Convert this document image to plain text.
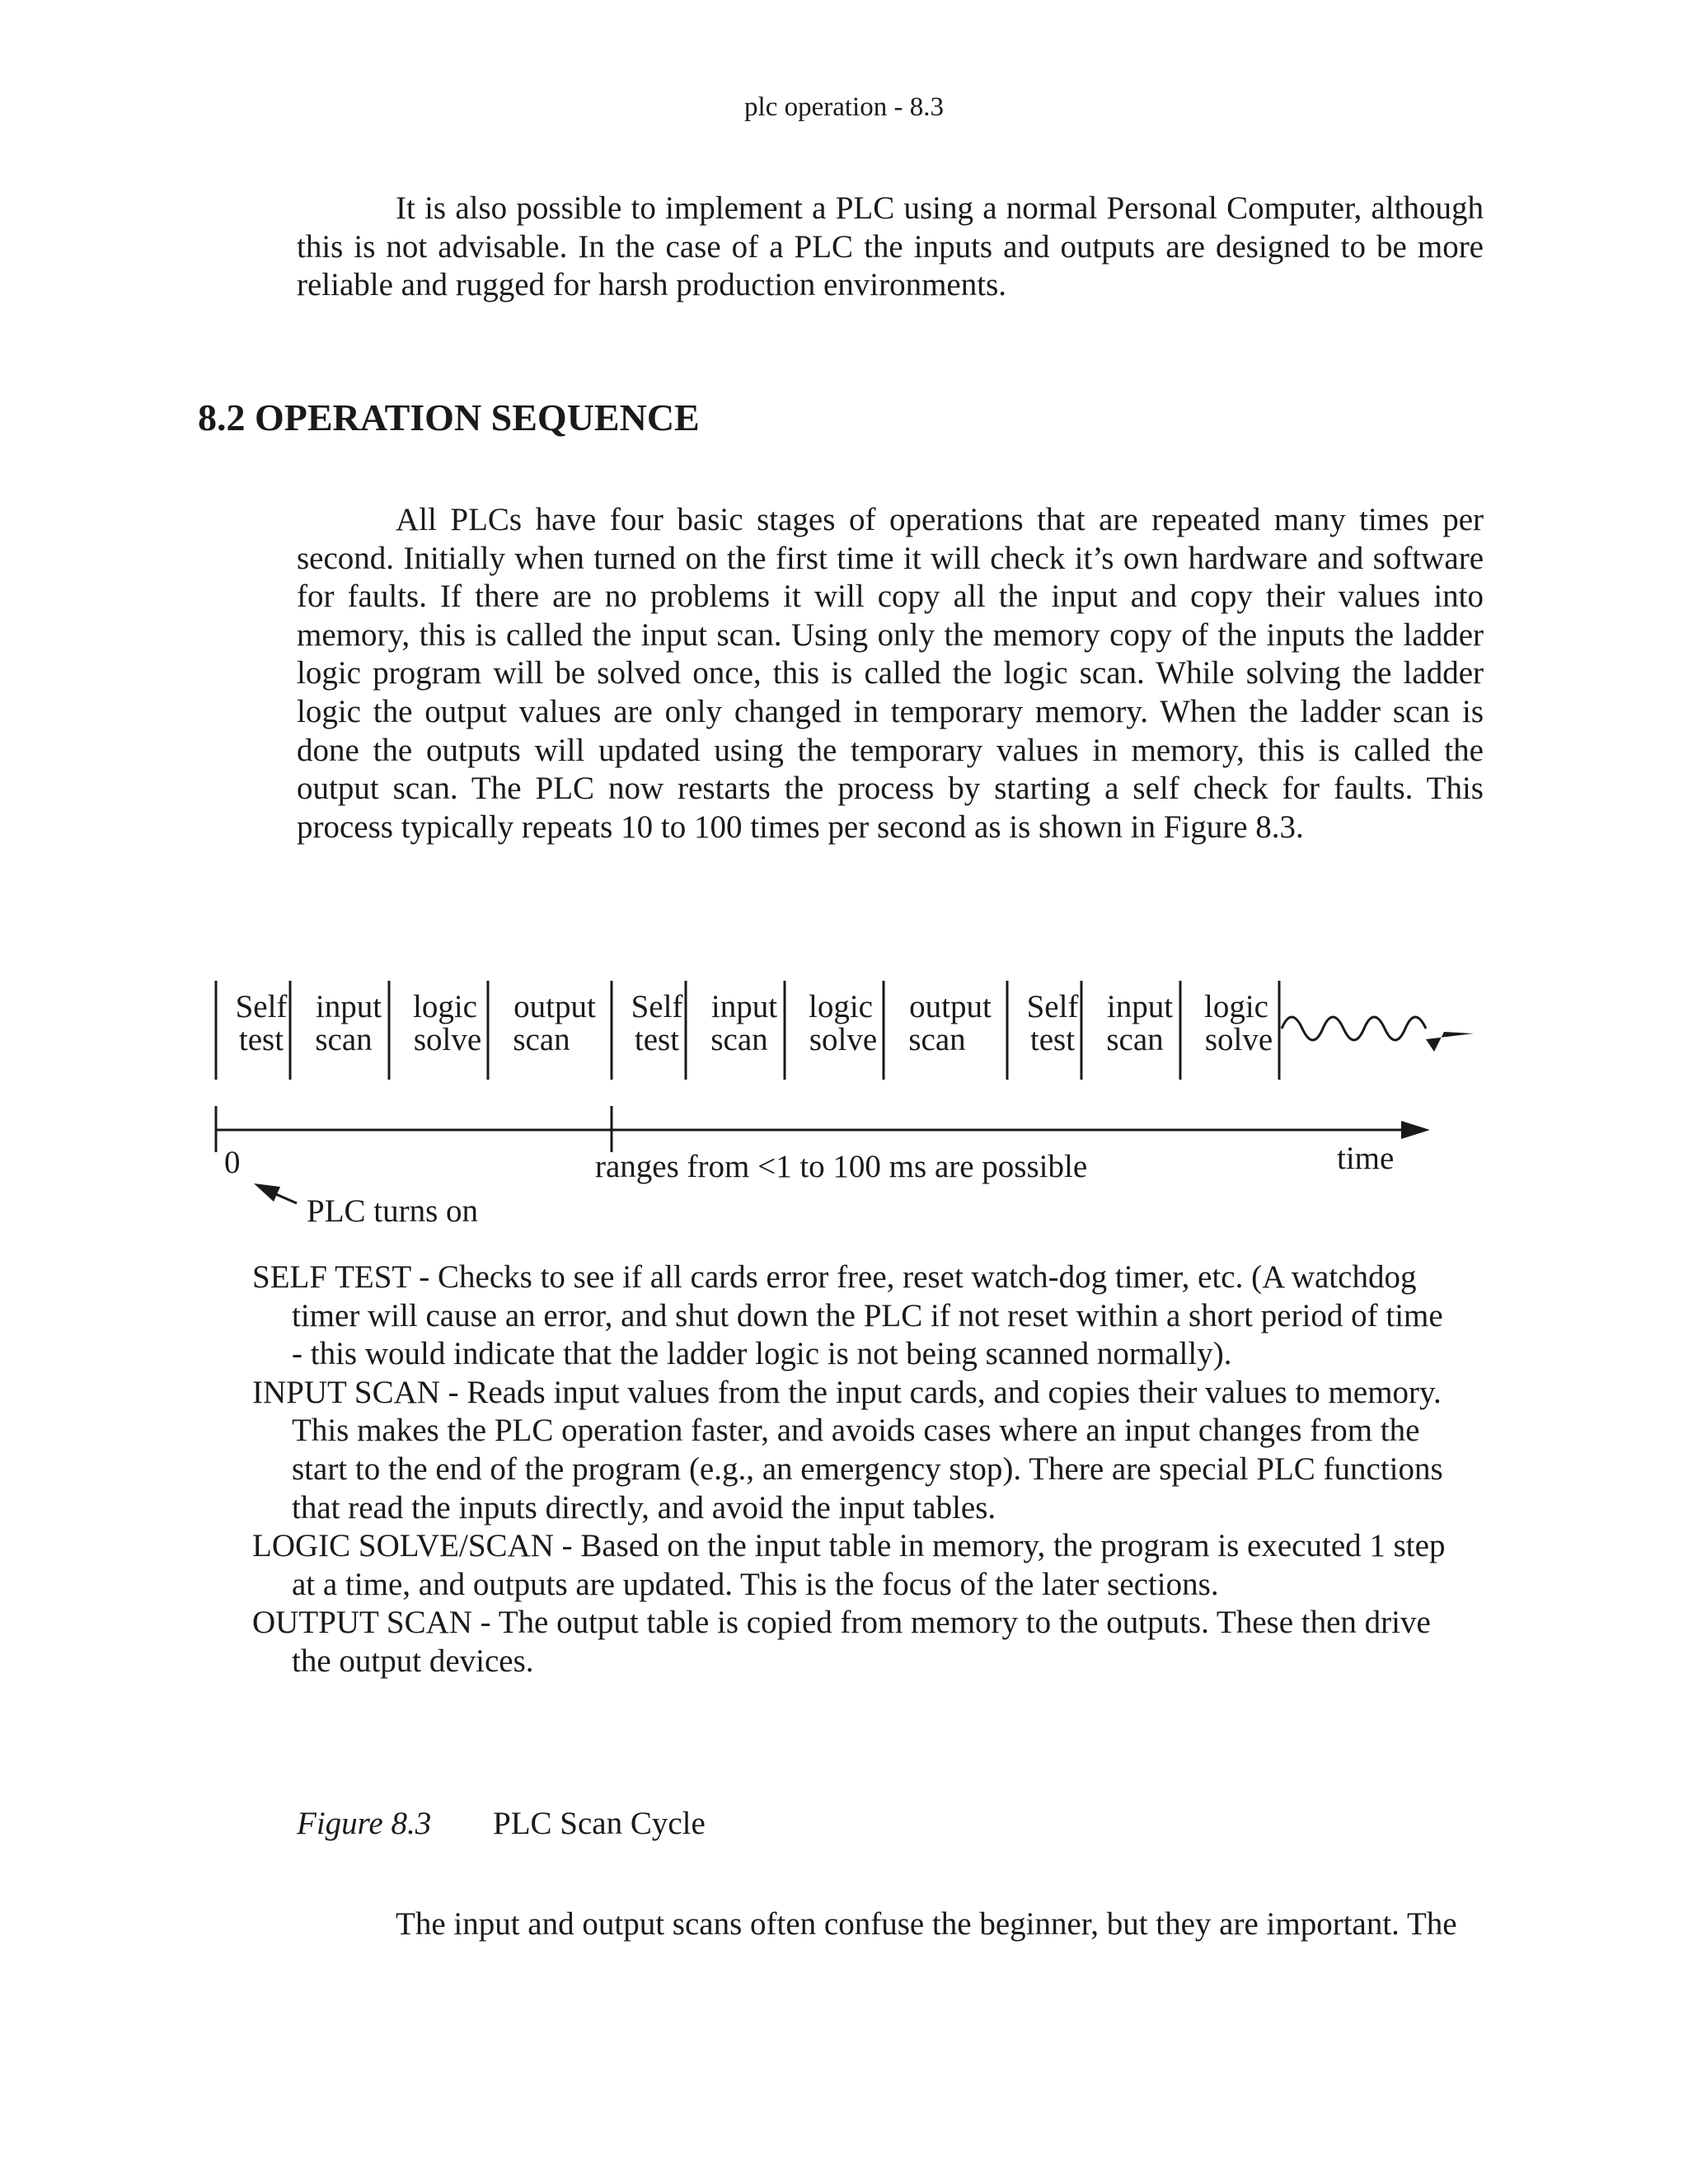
plc operation - 8.3
It is also possible to implement a PLC using a normal Personal Computer, although this is not advisable. In the case of a PLC the inputs and outputs are designed to be more reliable and rugged for harsh production environments.
8.2 OPERATION SEQUENCE
All PLCs have four basic stages of operations that are repeated many times per second. Initially when turned on the first time it will check it’s own hardware and software for faults. If there are no problems it will copy all the input and copy their values into memory, this is called the input scan. Using only the memory copy of the inputs the ladder logic program will be solved once, this is called the logic scan. While solving the ladder logic the output values are only changed in temporary memory. When the ladder scan is done the outputs will updated using the temporary values in memory, this is called the output scan. The PLC now restarts the process by starting a self check for faults. This process typically repeats 10 to 100 times per second as is shown in Figure 8.3.
Self
test
input
scan
logic
solve
output
scan
Self
test
input
scan
logic
solve
output
scan
Self
test
input
scan
logic
solve
0	ranges from <1 to 100 ms are possible	time
PLC turns on
SELF TEST - Checks to see if all cards error free, reset watch-dog timer, etc. (A watchdog timer will cause an error, and shut down the PLC if not reset within a short period of time - this would indicate that the ladder logic is not being scanned normally).
INPUT SCAN - Reads input values from the input cards, and copies their values to memory. This makes the PLC operation faster, and avoids cases where an input changes from the start to the end of the program (e.g., an emergency stop). There are special PLC functions that read the inputs directly, and avoid the input tables.
LOGIC SOLVE/SCAN - Based on the input table in memory, the program is executed 1 step at a time, and outputs are updated. This is the focus of the later sections.
OUTPUT SCAN - The output table is copied from memory to the outputs. These then drive the output devices.
Figure 8.3 PLC Scan Cycle
The input and output scans often confuse the beginner, but they are important. The
